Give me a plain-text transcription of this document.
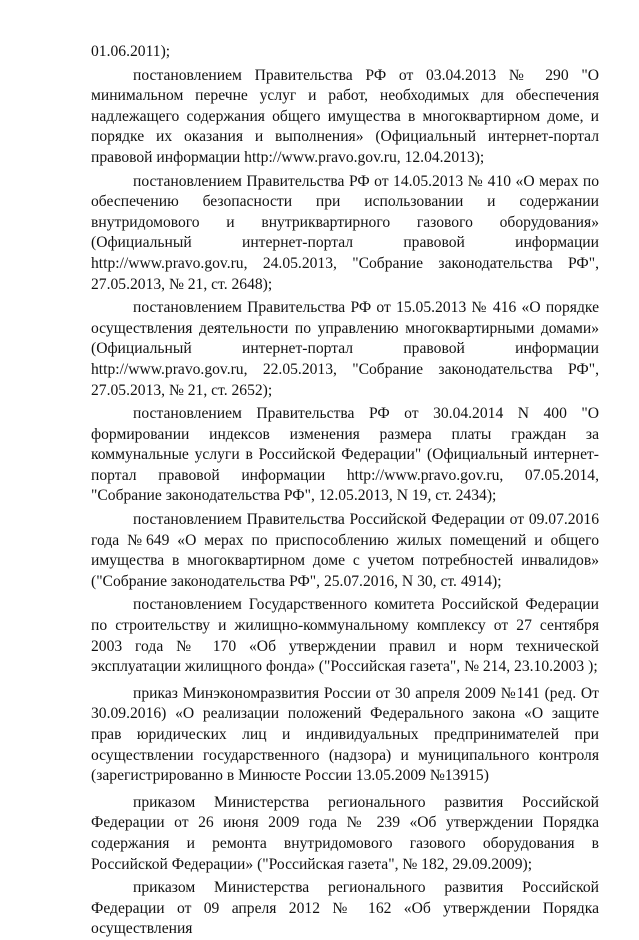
01.06.2011);

постановлением Правительства РФ от 03.04.2013 № 290 "О минимальном перечне услуг и работ, необходимых для обеспечения надлежащего содержания общего имущества в многоквартирном доме, и порядке их оказания и выполнения» (Официальный интернет-портал правовой информации http://www.pravo.gov.ru, 12.04.2013);

постановлением Правительства РФ от 14.05.2013 № 410 «О мерах по обеспечению безопасности при использовании и содержании внутридомового и внутриквартирного газового оборудования» (Официальный интернет-портал правовой информации http://www.pravo.gov.ru, 24.05.2013, "Собрание законодательства РФ", 27.05.2013, № 21, ст. 2648);

постановлением Правительства РФ от 15.05.2013 № 416 «О порядке осуществления деятельности по управлению многоквартирными домами» (Официальный интернет-портал правовой информации http://www.pravo.gov.ru, 22.05.2013, "Собрание законодательства РФ", 27.05.2013, № 21, ст. 2652);

постановлением Правительства РФ от 30.04.2014 N 400 "О формировании индексов изменения размера платы граждан за коммунальные услуги в Российской Федерации" (Официальный интернет-портал правовой информации http://www.pravo.gov.ru, 07.05.2014, "Собрание законодательства РФ", 12.05.2013, N 19, ст. 2434);

постановлением Правительства Российской Федерации от 09.07.2016 года №649 «О мерах по приспособлению жилых помещений и общего имущества в многоквартирном доме с учетом потребностей инвалидов» ("Собрание законодательства РФ", 25.07.2016, N 30, ст. 4914);

постановлением Государственного комитета Российской Федерации по строительству и жилищно-коммунальному комплексу от 27 сентября 2003 года № 170 «Об утверждении правил и норм технической эксплуатации жилищного фонда» ("Российская газета", № 214, 23.10.2003 );

приказ Минэкономразвития России от 30 апреля 2009 №141 (ред. От 30.09.2016) «О реализации положений Федерального закона «О защите прав юридических лиц и индивидуальных предпринимателей при осуществлении государственного (надзора) и муниципального контроля (зарегистрированно в Минюсте России 13.05.2009 №13915)

приказом Министерства регионального развития Российской Федерации от 26 июня 2009 года № 239 «Об утверждении Порядка содержания и ремонта внутридомового газового оборудования в Российской Федерации» ("Российская газета", № 182, 29.09.2009);

приказом Министерства регионального развития Российской Федерации от 09 апреля 2012 № 162 «Об утверждении Порядка осуществления
